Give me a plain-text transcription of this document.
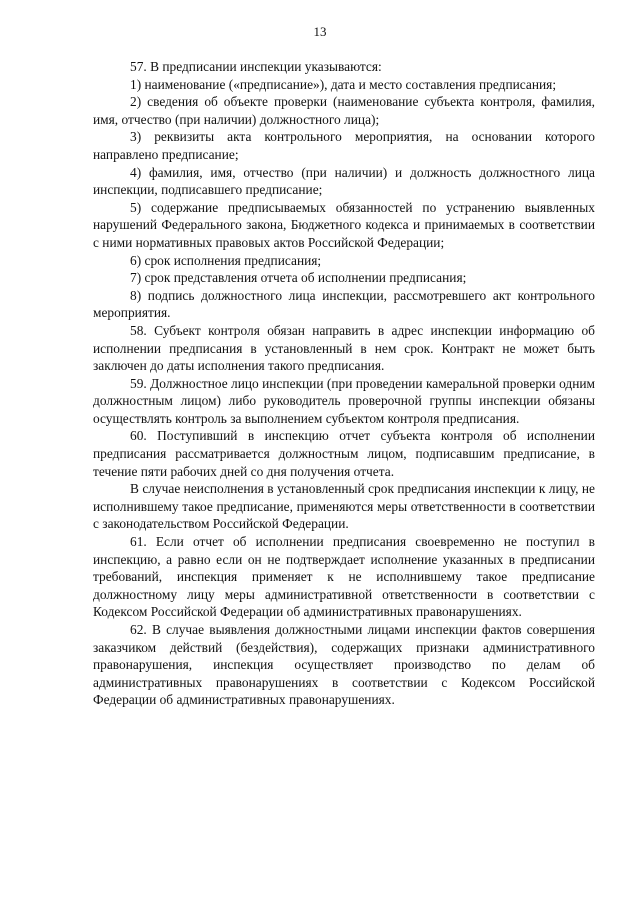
13

57. В предписании инспекции указываются:

1) наименование («предписание»), дата и место составления предписания;

2) сведения об объекте проверки (наименование субъекта контроля, фамилия, имя, отчество (при наличии) должностного лица);

3) реквизиты акта контрольного мероприятия, на основании которого направлено предписание;

4) фамилия, имя, отчество (при наличии) и должность должностного лица инспекции, подписавшего предписание;

5) содержание предписываемых обязанностей по устранению выявленных нарушений Федерального закона, Бюджетного кодекса и принимаемых в соответствии с ними нормативных правовых актов Российской Федерации;

6) срок исполнения предписания;

7) срок представления отчета об исполнении предписания;

8) подпись должностного лица инспекции, рассмотревшего акт контрольного мероприятия.

58. Субъект контроля обязан направить в адрес инспекции информацию об исполнении предписания в установленный в нем срок. Контракт не может быть заключен до даты исполнения такого предписания.

59. Должностное лицо инспекции (при проведении камеральной проверки одним должностным лицом) либо руководитель проверочной группы инспекции обязаны осуществлять контроль за выполнением субъектом контроля предписания.

60. Поступивший в инспекцию отчет субъекта контроля об исполнении предписания рассматривается должностным лицом, подписавшим предписание, в течение пяти рабочих дней со дня получения отчета.

В случае неисполнения в установленный срок предписания инспекции к лицу, не исполнившему такое предписание, применяются меры ответственности в соответствии с законодательством Российской Федерации.

61. Если отчет об исполнении предписания своевременно не поступил в инспекцию, а равно если он не подтверждает исполнение указанных в предписании требований, инспекция применяет к не исполнившему такое предписание должностному лицу меры административной ответственности в соответствии с Кодексом Российской Федерации об административных правонарушениях.

62. В случае выявления должностными лицами инспекции фактов совершения заказчиком действий (бездействия), содержащих признаки административного правонарушения, инспекция осуществляет производство по делам об административных правонарушениях в соответствии с Кодексом Российской Федерации об административных правонарушениях.
